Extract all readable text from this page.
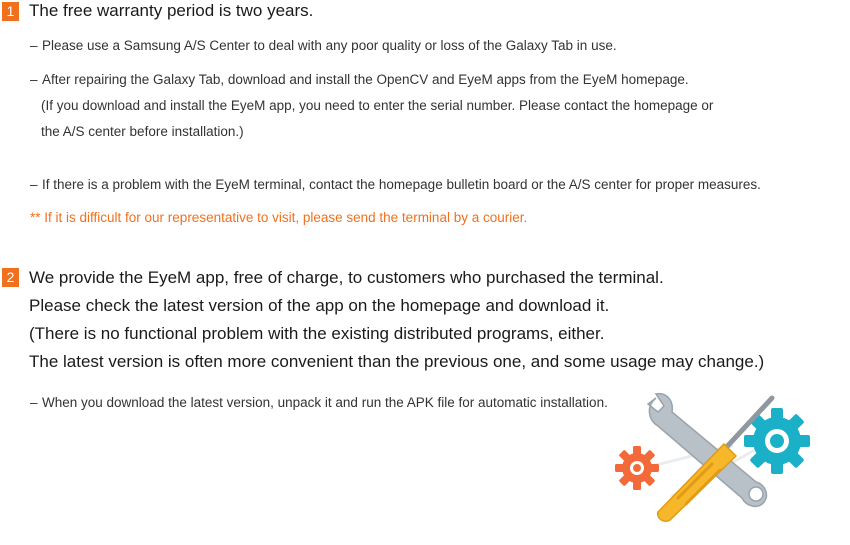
1 The free warranty period is two years.
– Please use a Samsung A/S Center to deal with any poor quality or loss of the Galaxy Tab in use.
– After repairing the Galaxy Tab, download and install the OpenCV and EyeM apps from the EyeM homepage.
(If you download and install the EyeM app, you need to enter the serial number. Please contact the homepage or
the A/S center before installation.)
– If there is a problem with the EyeM terminal, contact the homepage bulletin board or the A/S center for proper measures.
** If it is difficult for our representative to visit, please send the terminal by a courier.
2 We provide the EyeM app, free of charge, to customers who purchased the terminal.
Please check the latest version of the app on the homepage and download it.
(There is no functional problem with the existing distributed programs, either.
The latest version is often more convenient than the previous one, and some usage may change.)
– When you download the latest version, unpack it and run the APK file for automatic installation.
